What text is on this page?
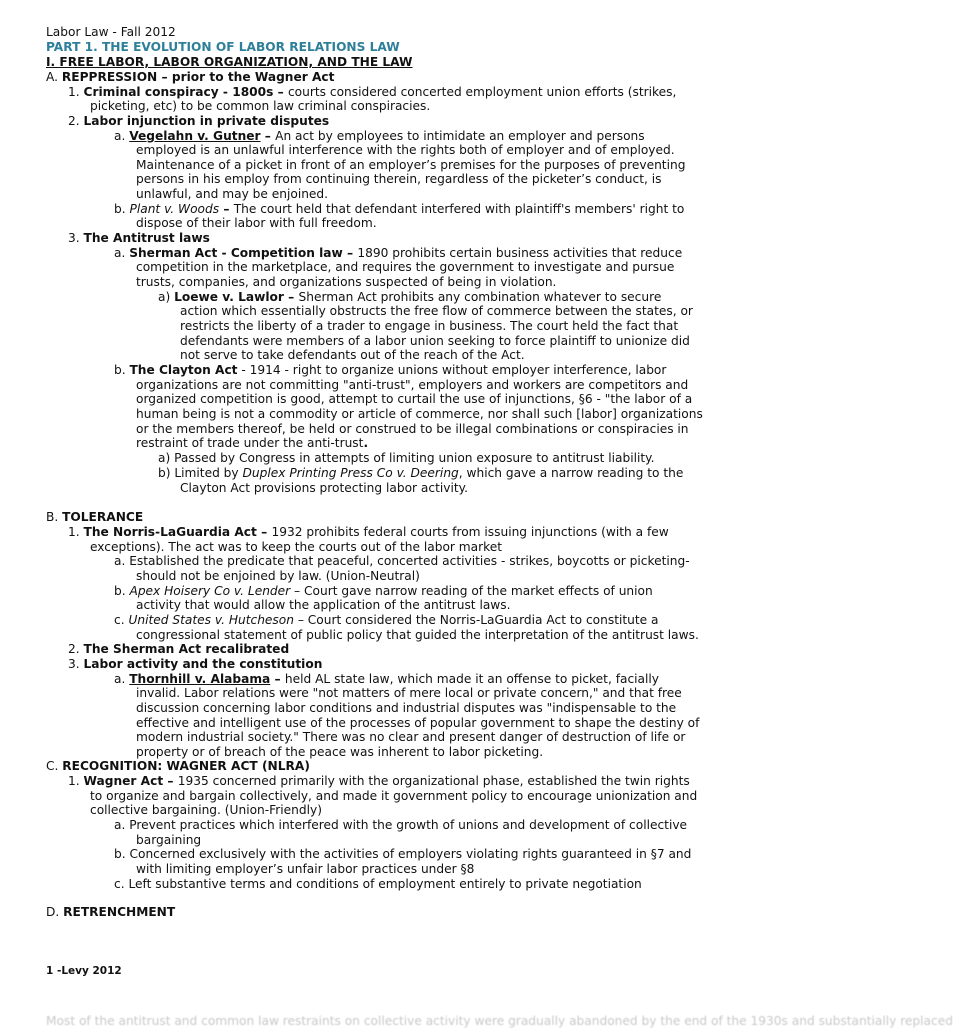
Labor Law - Fall 2012
PART 1. THE EVOLUTION OF LABOR RELATIONS LAW
I. FREE LABOR, LABOR ORGANIZATION, AND THE LAW
A. REPPRESSION – prior to the Wagner Act
1. Criminal conspiracy - 1800s – courts considered concerted employment union efforts (strikes,
picketing, etc) to be common law criminal conspiracies.
2. Labor injunction in private disputes
a. Vegelahn v. Gutner – An act by employees to intimidate an employer and persons
employed is an unlawful interference with the rights both of employer and of employed.
Maintenance of a picket in front of an employer’s premises for the purposes of preventing
persons in his employ from continuing therein, regardless of the picketer’s conduct, is
unlawful, and may be enjoined.
b. Plant v. Woods – The court held that defendant interfered with plaintiff's members' right to
dispose of their labor with full freedom.
3. The Antitrust laws
a. Sherman Act - Competition law – 1890 prohibits certain business activities that reduce
competition in the marketplace, and requires the government to investigate and pursue
trusts, companies, and organizations suspected of being in violation.
a) Loewe v. Lawlor – Sherman Act prohibits any combination whatever to secure
action which essentially obstructs the free flow of commerce between the states, or
restricts the liberty of a trader to engage in business. The court held the fact that
defendants were members of a labor union seeking to force plaintiff to unionize did
not serve to take defendants out of the reach of the Act.
b. The Clayton Act - 1914 - right to organize unions without employer interference, labor
organizations are not committing "anti-trust", employers and workers are competitors and
organized competition is good, attempt to curtail the use of injunctions, §6 - "the labor of a
human being is not a commodity or article of commerce, nor shall such [labor] organizations
or the members thereof, be held or construed to be illegal combinations or conspiracies in
restraint of trade under the anti-trust.
a) Passed by Congress in attempts of limiting union exposure to antitrust liability.
b) Limited by Duplex Printing Press Co v. Deering, which gave a narrow reading to the
Clayton Act provisions protecting labor activity.
B. TOLERANCE
1. The Norris-LaGuardia Act – 1932 prohibits federal courts from issuing injunctions (with a few
exceptions). The act was to keep the courts out of the labor market
a. Established the predicate that peaceful, concerted activities - strikes, boycotts or picketing-
should not be enjoined by law. (Union-Neutral)
b. Apex Hoisery Co v. Lender – Court gave narrow reading of the market effects of union
activity that would allow the application of the antitrust laws.
c. United States v. Hutcheson – Court considered the Norris-LaGuardia Act to constitute a
congressional statement of public policy that guided the interpretation of the antitrust laws.
2. The Sherman Act recalibrated
3. Labor activity and the constitution
a. Thornhill v. Alabama – held AL state law, which made it an offense to picket, facially
invalid. Labor relations were "not matters of mere local or private concern," and that free
discussion concerning labor conditions and industrial disputes was "indispensable to the
effective and intelligent use of the processes of popular government to shape the destiny of
modern industrial society." There was no clear and present danger of destruction of life or
property or of breach of the peace was inherent to labor picketing.
C. RECOGNITION: WAGNER ACT (NLRA)
1. Wagner Act – 1935 concerned primarily with the organizational phase, established the twin rights
to organize and bargain collectively, and made it government policy to encourage unionization and
collective bargaining. (Union-Friendly)
a. Prevent practices which interfered with the growth of unions and development of collective
bargaining
b. Concerned exclusively with the activities of employers violating rights guaranteed in §7 and
with limiting employer’s unfair labor practices under §8
c. Left substantive terms and conditions of employment entirely to private negotiation
D. RETRENCHMENT
1 -Levy 2012
Most of the antitrust and common law restraints on collective activity were gradually abandoned by the end of the 1930s and substantially replaced
